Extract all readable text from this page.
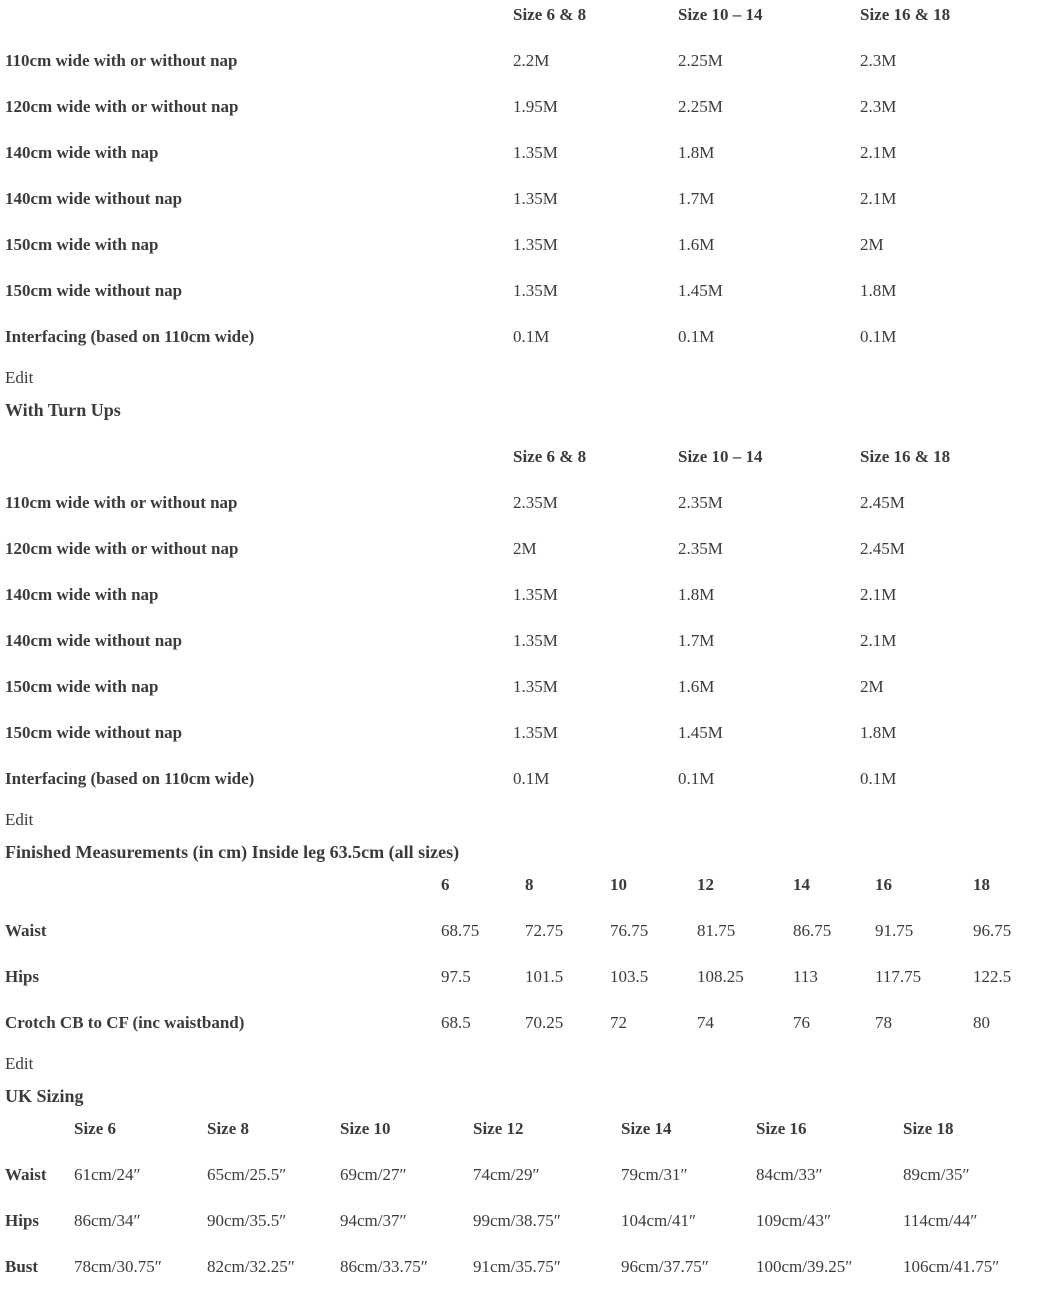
	Size 6 & 8	Size 10 – 14	Size 16 & 18
110cm wide with or without nap	2.2M	2.25M	2.3M
120cm wide with or without nap	1.95M	2.25M	2.3M
140cm wide with nap	1.35M	1.8M	2.1M
140cm wide without nap	1.35M	1.7M	2.1M
150cm wide with nap	1.35M	1.6M	2M
150cm wide without nap	1.35M	1.45M	1.8M
Interfacing (based on 110cm wide)	0.1M	0.1M	0.1M
Edit
With Turn Ups
	Size 6 & 8	Size 10 – 14	Size 16 & 18
110cm wide with or without nap	2.35M	2.35M	2.45M
120cm wide with or without nap	2M	2.35M	2.45M
140cm wide with nap	1.35M	1.8M	2.1M
140cm wide without nap	1.35M	1.7M	2.1M
150cm wide with nap	1.35M	1.6M	2M
150cm wide without nap	1.35M	1.45M	1.8M
Interfacing (based on 110cm wide)	0.1M	0.1M	0.1M
Edit
Finished Measurements (in cm) Inside leg 63.5cm (all sizes)
	6	8	10	12	14	16	18
Waist	68.75	72.75	76.75	81.75	86.75	91.75	96.75
Hips	97.5	101.5	103.5	108.25	113	117.75	122.5
Crotch CB to CF (inc waistband)	68.5	70.25	72	74	76	78	80
Edit
UK Sizing
	Size 6	Size 8	Size 10	Size 12	Size 14	Size 16	Size 18
Waist	61cm/24″	65cm/25.5″	69cm/27″	74cm/29″	79cm/31″	84cm/33″	89cm/35″
Hips	86cm/34″	90cm/35.5″	94cm/37″	99cm/38.75″	104cm/41″	109cm/43″	114cm/44″
Bust	78cm/30.75″	82cm/32.25″	86cm/33.75″	91cm/35.75″	96cm/37.75″	100cm/39.25″	106cm/41.75″
